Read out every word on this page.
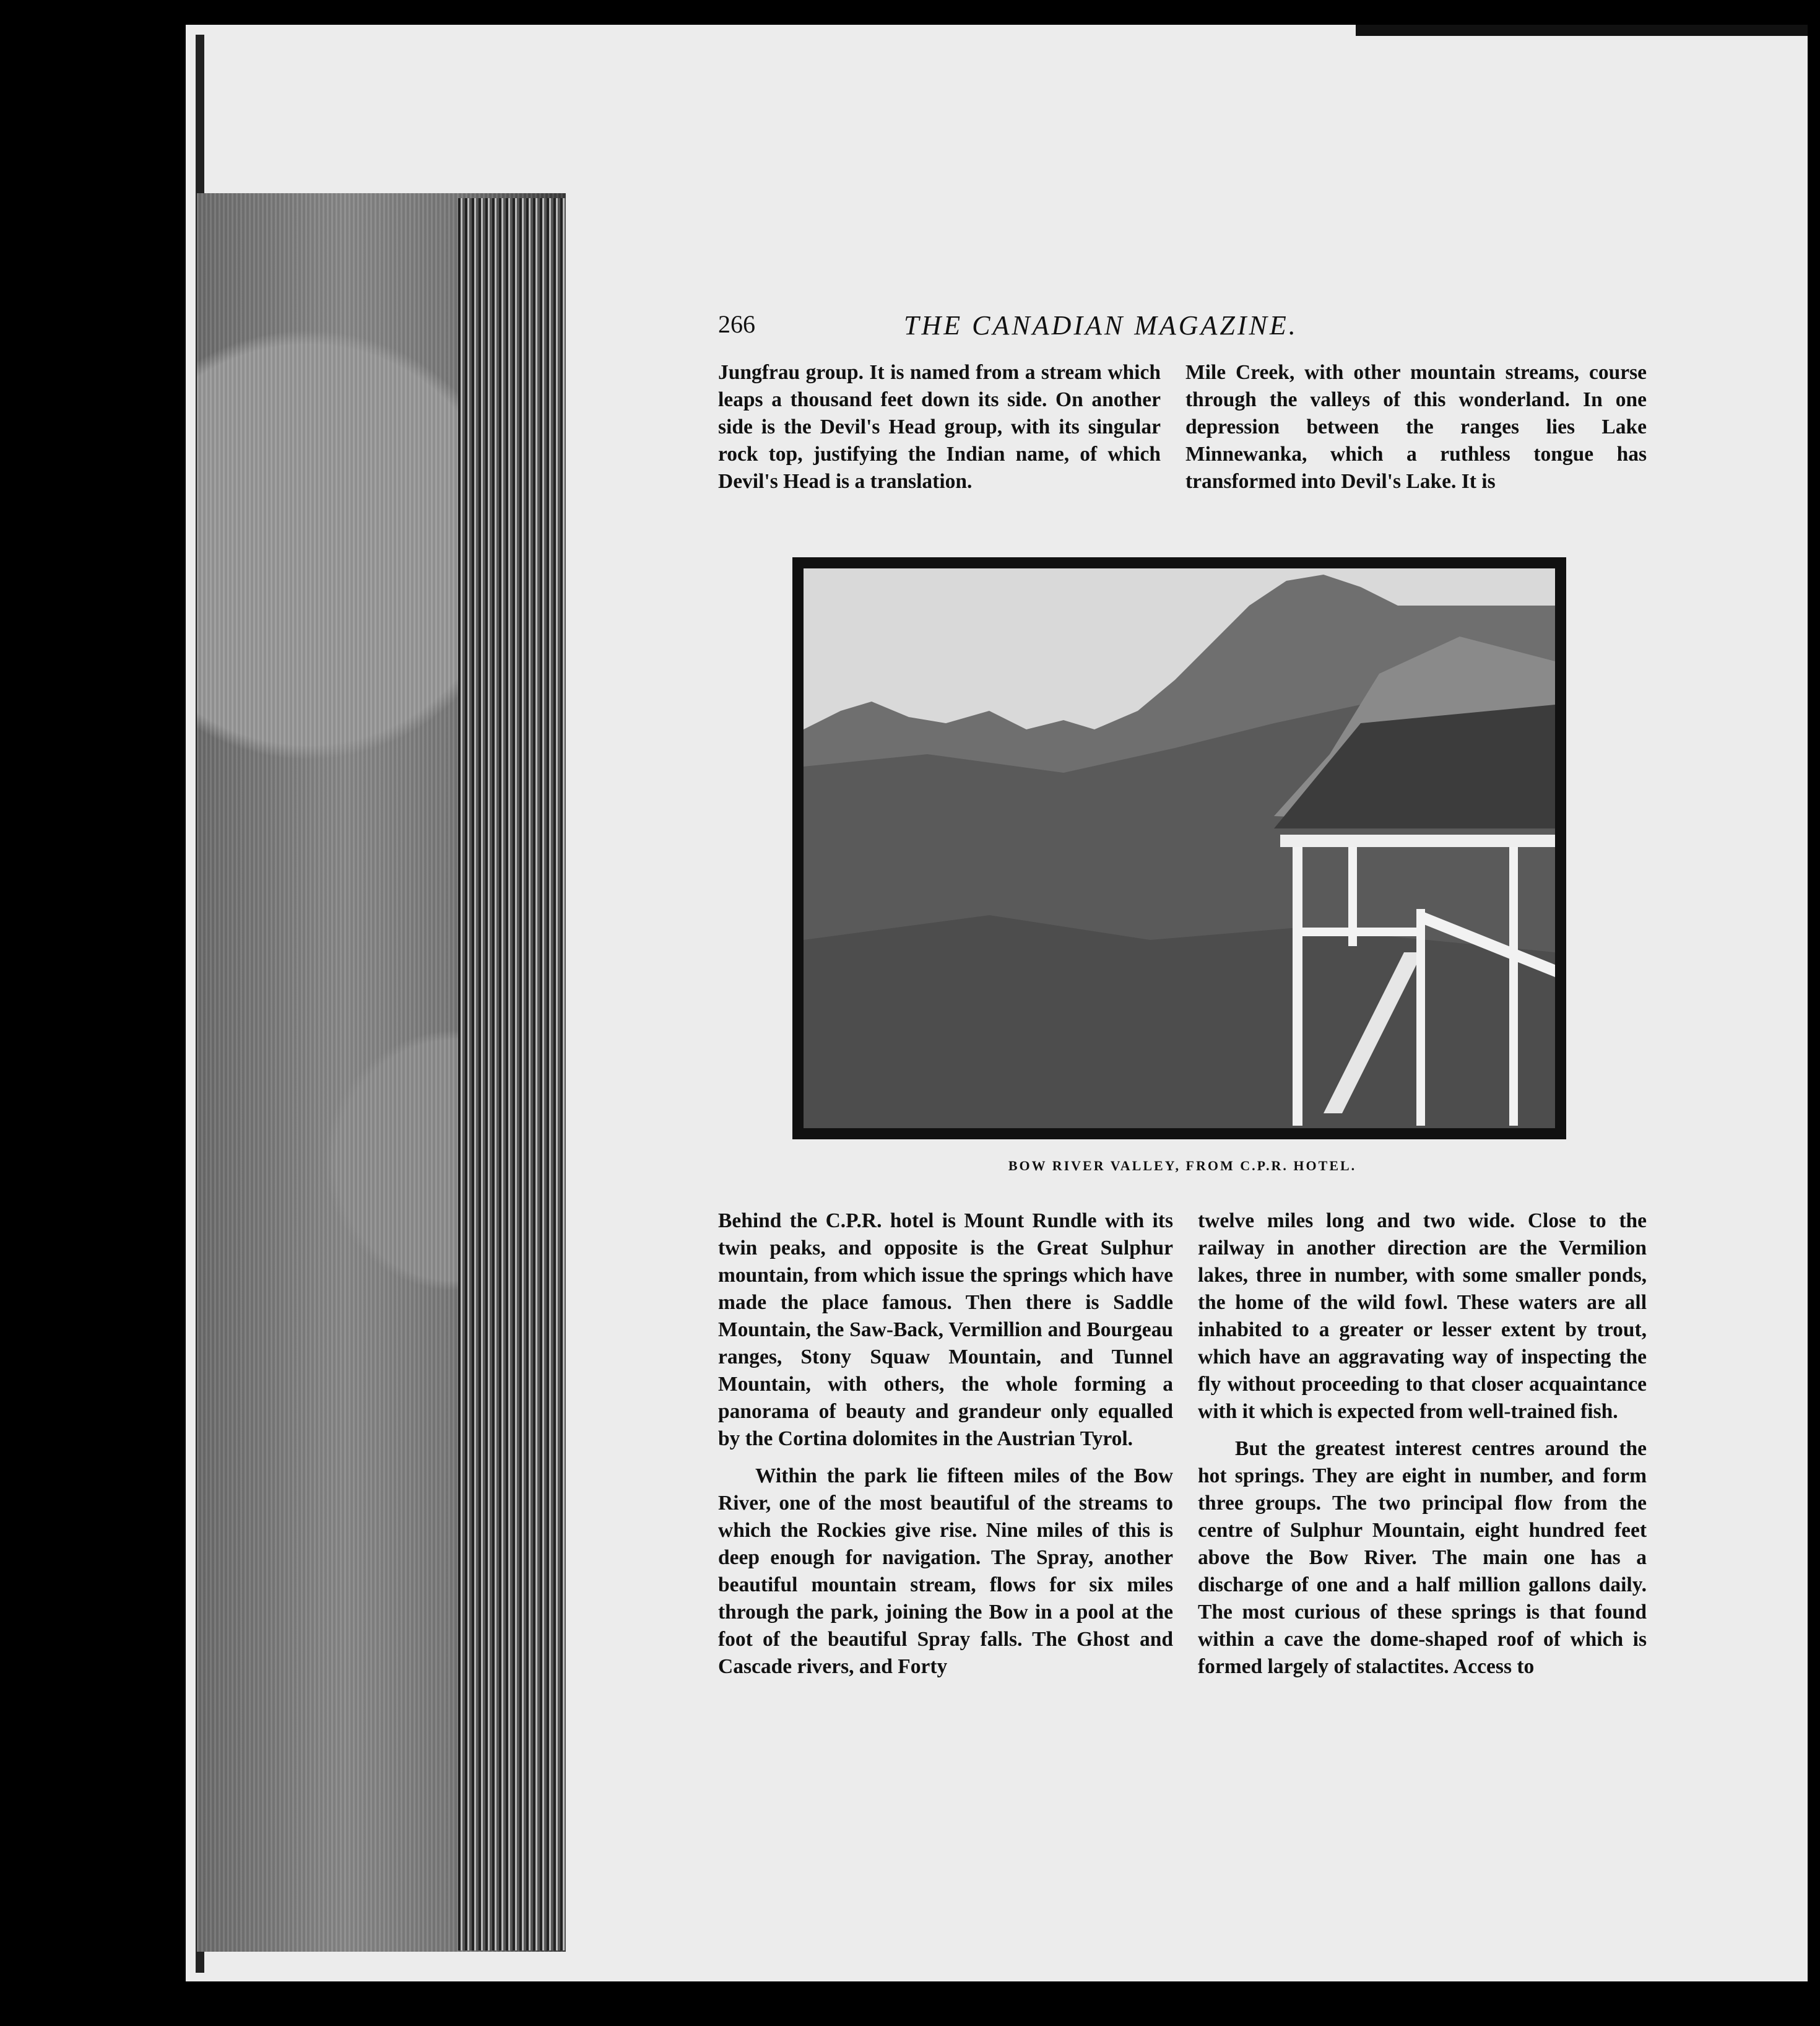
266	THE CANADIAN MAGAZINE.

Jungfrau group. It is named from a stream which leaps a thousand feet down its side. On another side is the Devil's Head group, with its singular rock top, justifying the Indian name, of which Devil's Head is a translation.

Mile Creek, with other mountain streams, course through the valleys of this wonderland. In one depression between the ranges lies Lake Minnewanka, which a ruthless tongue has transformed into Devil's Lake. It is

BOW RIVER VALLEY, FROM C.P.R. HOTEL.

Behind the C.P.R. hotel is Mount Rundle with its twin peaks, and opposite is the Great Sulphur mountain, from which issue the springs which have made the place famous. Then there is Saddle Mountain, the Saw-Back, Vermillion and Bourgeau ranges, Stony Squaw Mountain, and Tunnel Mountain, with others, the whole forming a panorama of beauty and grandeur only equalled by the Cortina dolomites in the Austrian Tyrol.

Within the park lie fifteen miles of the Bow River, one of the most beautiful of the streams to which the Rockies give rise. Nine miles of this is deep enough for navigation. The Spray, another beautiful mountain stream, flows for six miles through the park, joining the Bow in a pool at the foot of the beautiful Spray falls. The Ghost and Cascade rivers, and Forty

twelve miles long and two wide. Close to the railway in another direction are the Vermilion lakes, three in number, with some smaller ponds, the home of the wild fowl. These waters are all inhabited to a greater or lesser extent by trout, which have an aggravating way of inspecting the fly without proceeding to that closer acquaintance with it which is expected from well-trained fish.

But the greatest interest centres around the hot springs. They are eight in number, and form three groups. The two principal flow from the centre of Sulphur Mountain, eight hundred feet above the Bow River. The main one has a discharge of one and a half million gallons daily. The most curious of these springs is that found within a cave the dome-shaped roof of which is formed largely of stalactites. Access to
